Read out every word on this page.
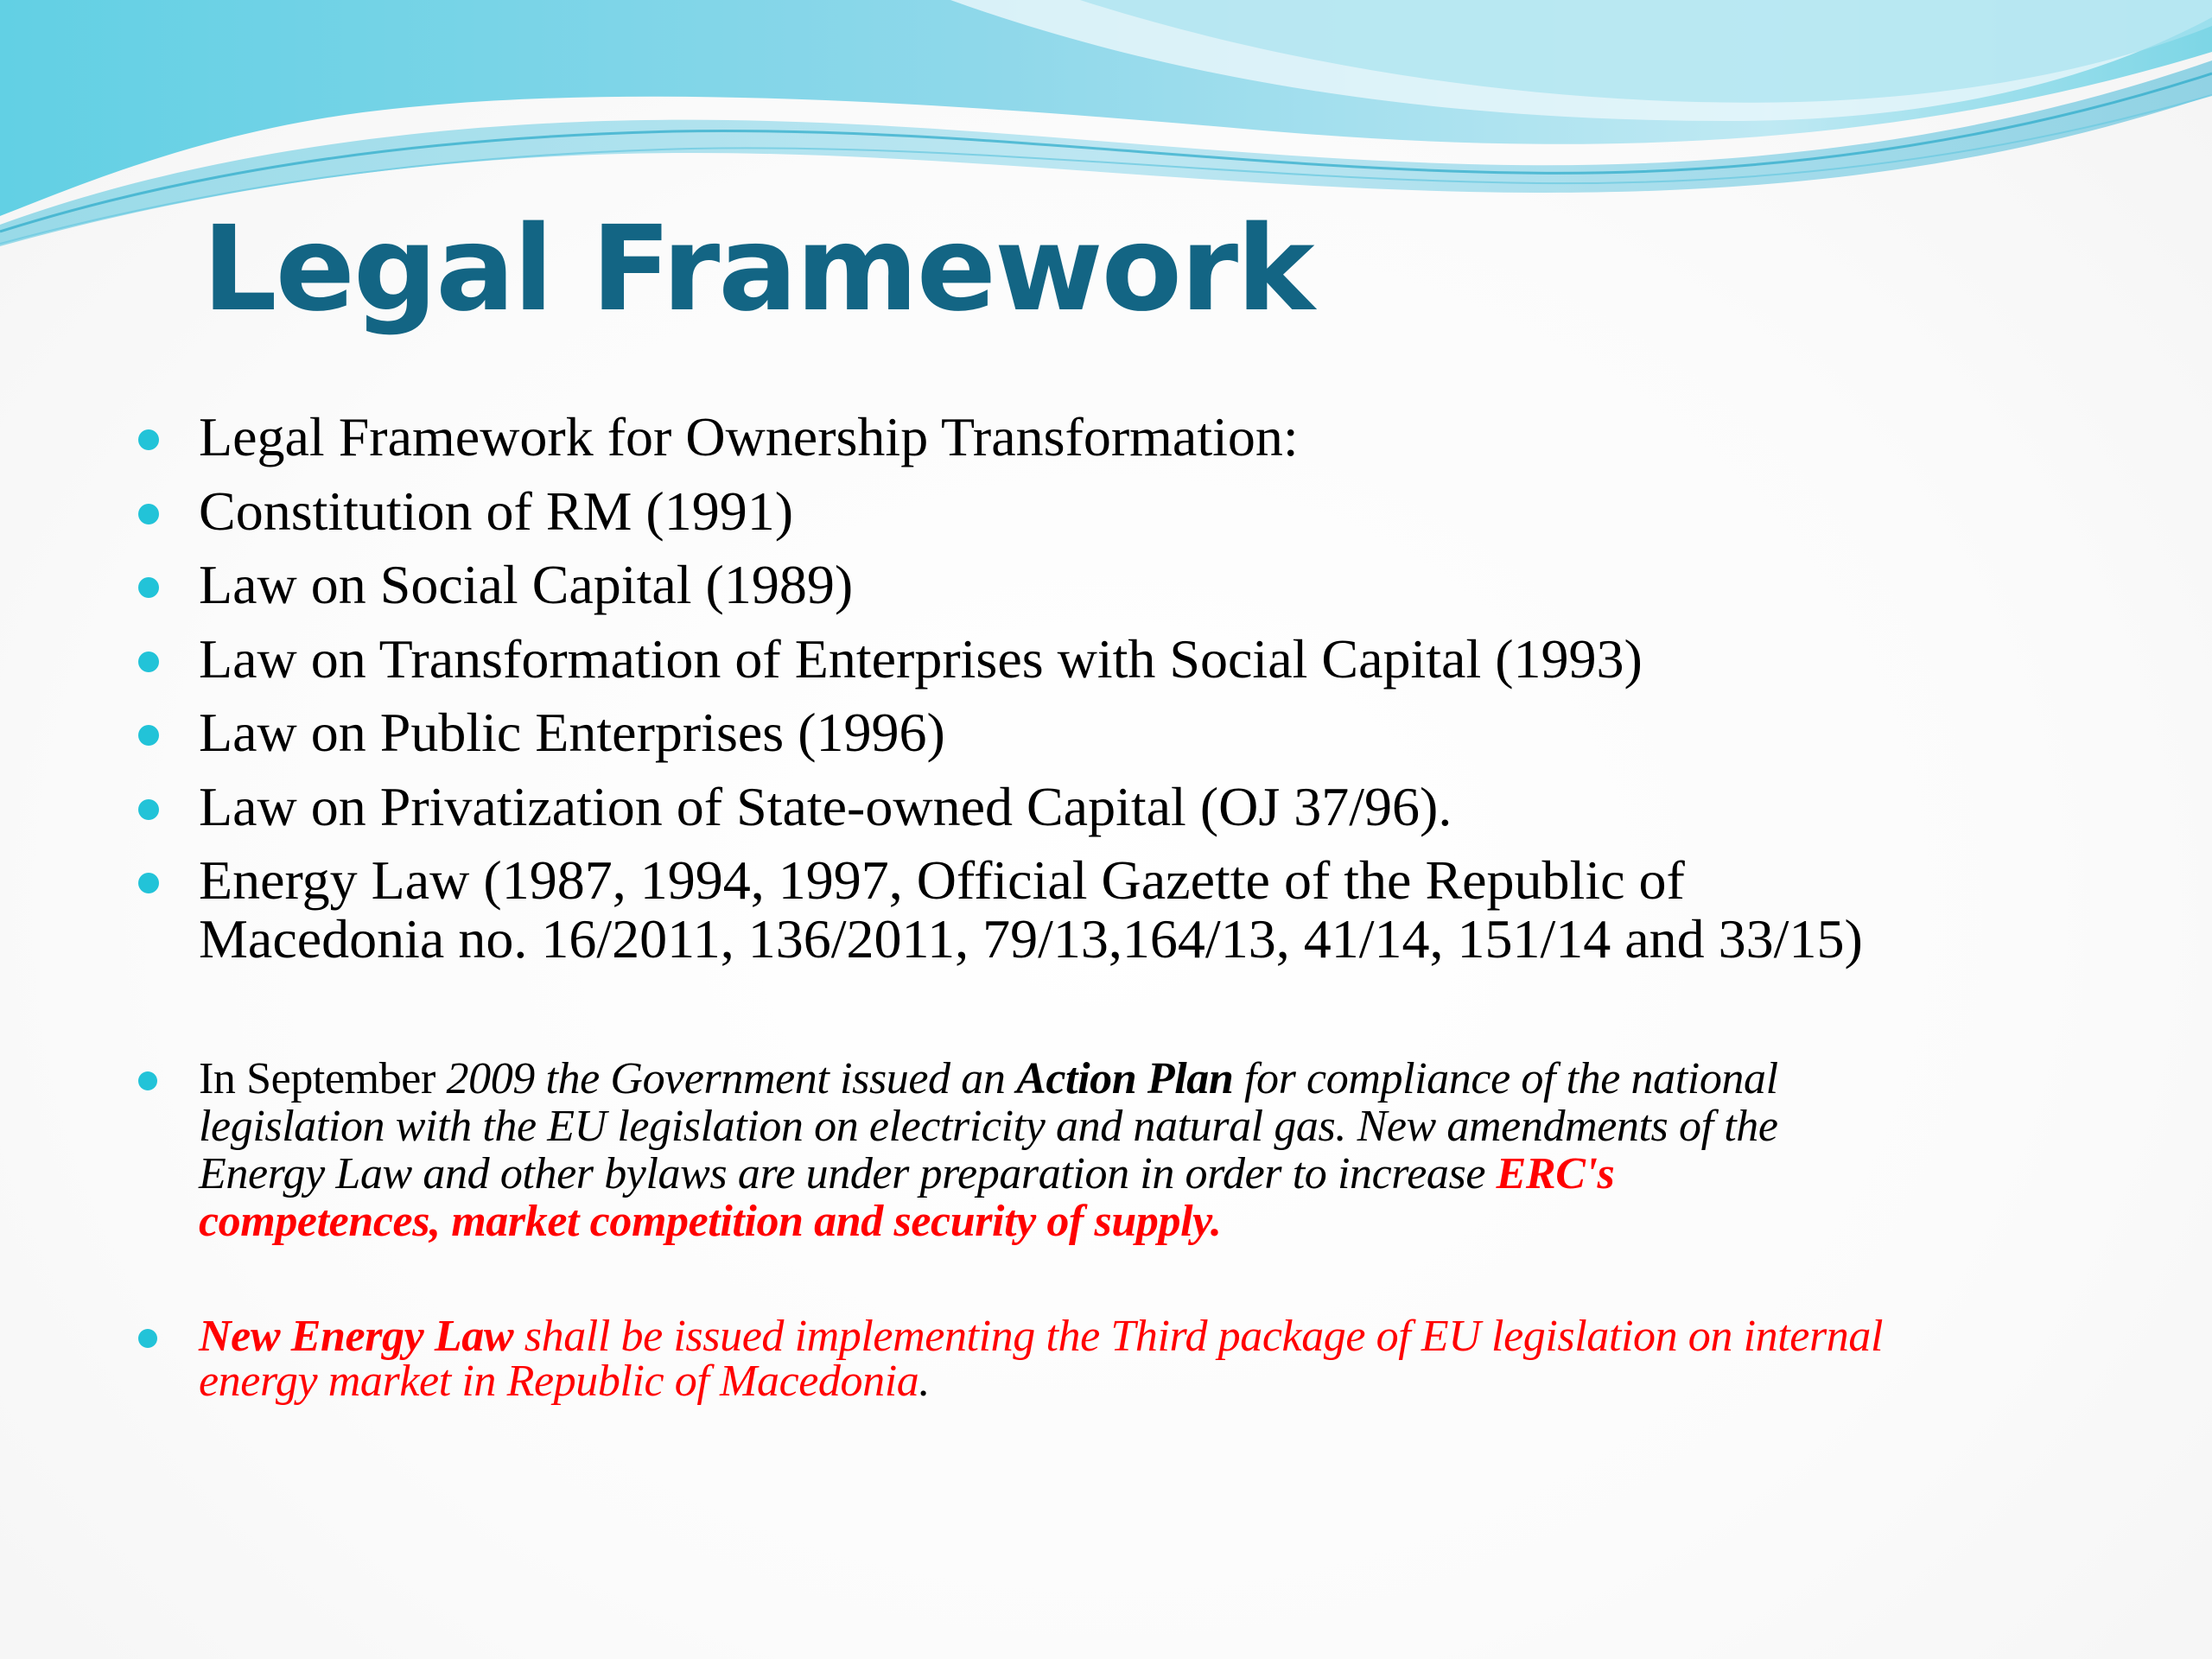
Legal Framework
Legal Framework for Ownership Transformation:
Constitution of RM (1991)
Law on Social Capital (1989)
Law on Transformation of Enterprises with Social Capital (1993)
Law on Public Enterprises (1996)
Law on Privatization of State-owned Capital (OJ 37/96).
Energy Law (1987, 1994, 1997, Official Gazette of the Republic of
Macedonia no. 16/2011, 136/2011, 79/13,164/13, 41/14, 151/14 and 33/15)
In September 2009 the Government issued an Action Plan for compliance of the national
legislation with the EU legislation on electricity and natural gas. New amendments of the
Energy Law and other bylaws are under preparation in order to increase ERC's
competences, market competition and security of supply.
New Energy Law shall be issued implementing the Third package of EU legislation on internal
energy market in Republic of Macedonia.
